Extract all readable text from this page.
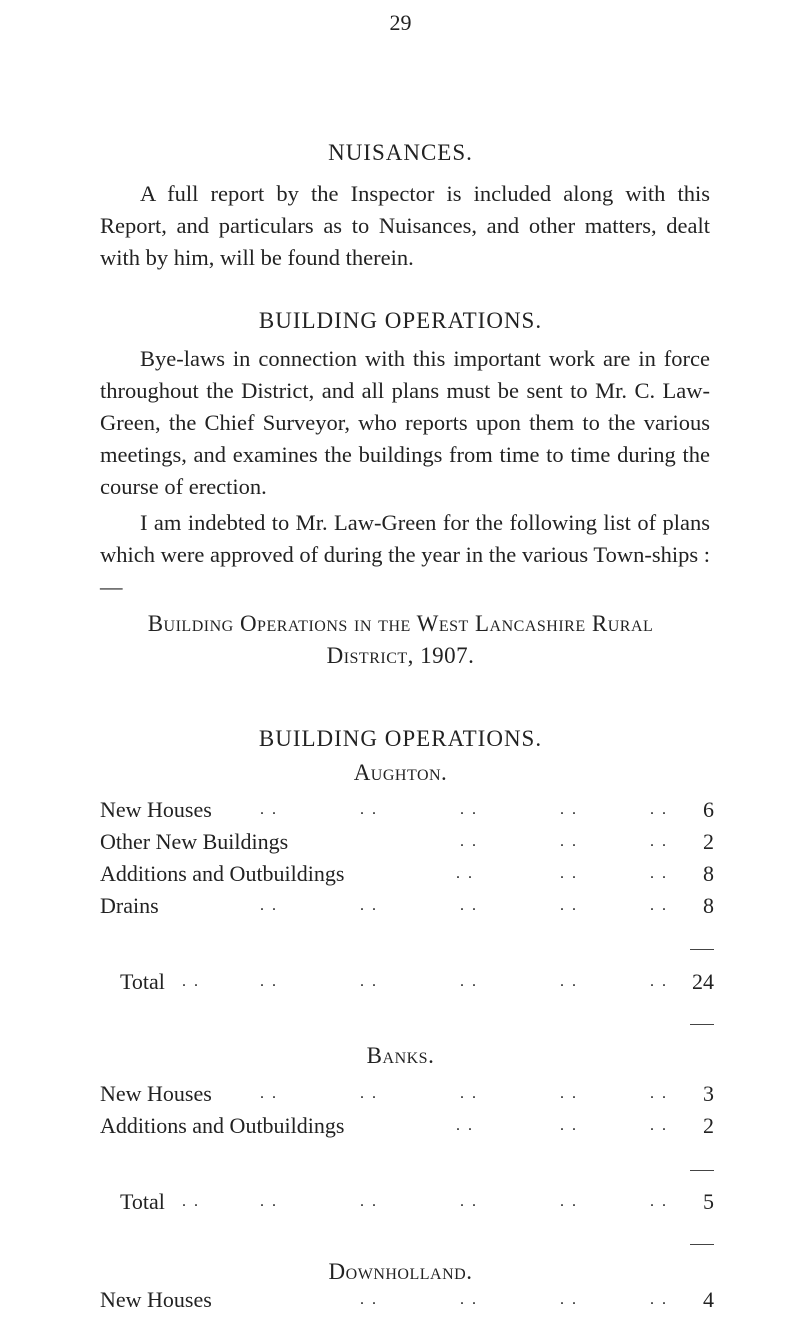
29
NUISANCES.

A full report by the Inspector is included along with this Report, and particulars as to Nuisances, and other matters, dealt with by him, will be found therein.

BUILDING OPERATIONS.

Bye-laws in connection with this important work are in force throughout the District, and all plans must be sent to Mr. C. Law-Green, the Chief Surveyor, who reports upon them to the various meetings, and examines the buildings from time to time during the course of erection.

I am indebted to Mr. Law-Green for the following list of plans which were approved of during the year in the various Town-ships :—

Building Operations in the West Lancashire Rural
District, 1907.
BUILDING OPERATIONS.
Aughton.
New Houses	. .	. .	. .	. .	. .	6
Other New Buildings	. .	. .	. .	2
Additions and Outbuildings	. .	. .	. .	8
Drains	. .	. .	. .	. .	. .	8
Total . .	. .	. .	. .	. .	. .	24
Banks.
New Houses	. .	. .	. .	. .	. .	3
Additions and Outbuildings	. .	. .	. .	2
Total . .	. .	. .	. .	. .	. .	5
Downholland.
New Houses	. .	. .	. .	. .	4
